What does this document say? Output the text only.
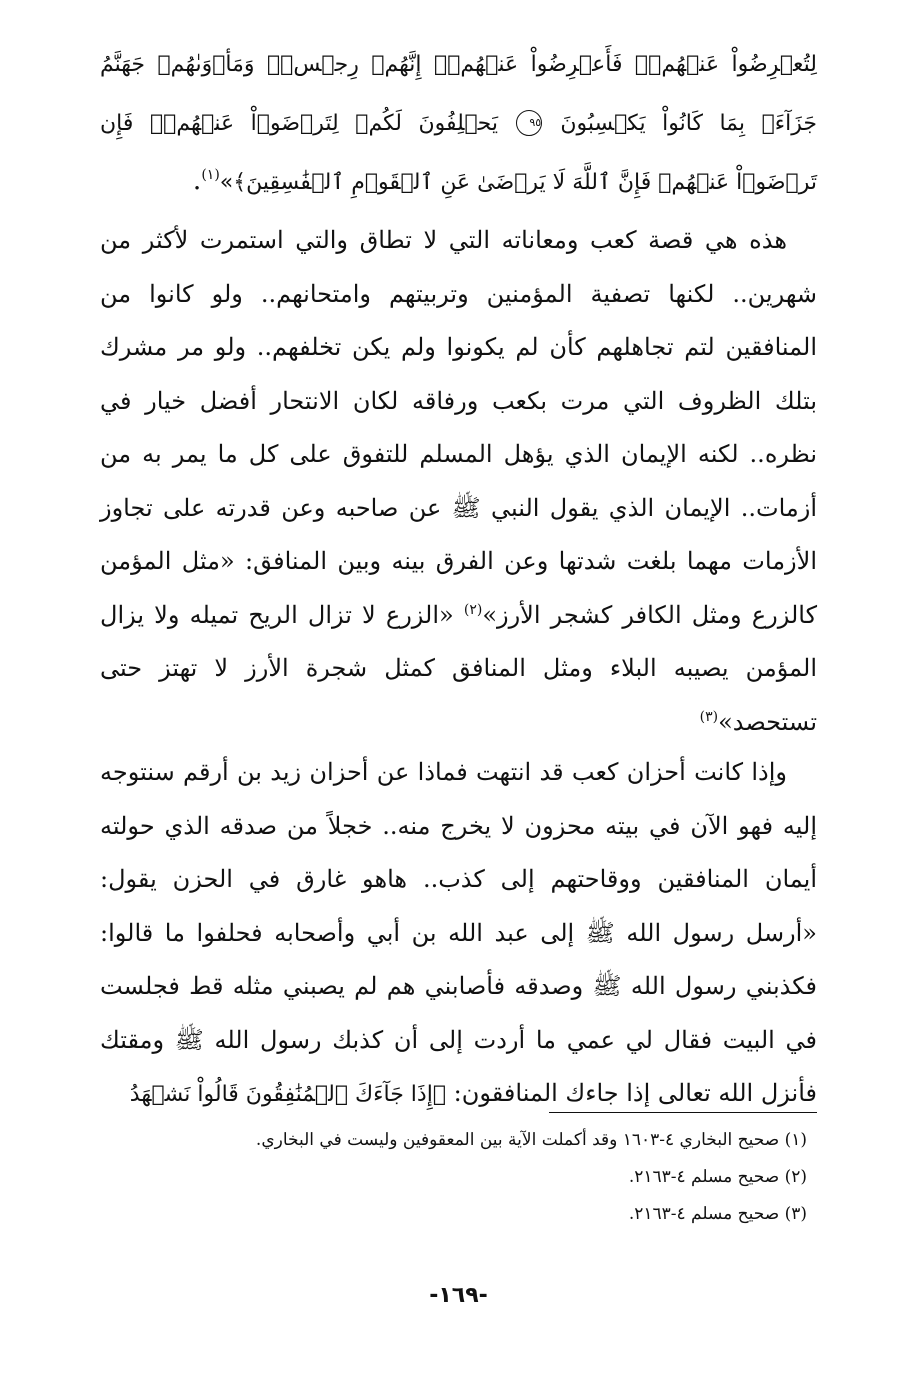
لِتُعۡرِضُواْ عَنۡهُمۡۖ فَأَعۡرِضُواْ عَنۡهُمۡۖ إِنَّهُمۡ رِجۡسٞۖ وَمَأۡوَىٰهُمۡ جَهَنَّمُ جَزَآءَۢ بِمَا كَانُواْ يَكۡسِبُونَ ٩٥ يَحۡلِفُونَ لَكُمۡ لِتَرۡضَوۡاْ عَنۡهُمۡۖ فَإِن تَرۡضَوۡاْ عَنۡهُمۡ فَإِنَّ ٱللَّهَ لَا يَرۡضَىٰ عَنِ ٱلۡقَوۡمِ ٱلۡفَٰسِقِينَ﴾»$^{(١)}$.
هذه هي قصة كعب ومعاناته التي لا تطاق والتي استمرت لأكثر من شهرين.. لكنها تصفية المؤمنين وتربيتهم وامتحانهم.. ولو كانوا من المنافقين لتم تجاهلهم كأن لم يكونوا ولم يكن تخلفهم.. ولو مر مشرك بتلك الظروف التي مرت بكعب ورفاقه لكان الانتحار أفضل خيار في نظره.. لكنه الإيمان الذي يؤهل المسلم للتفوق على كل ما يمر به من أزمات.. الإيمان الذي يقول النبي ﷺ عن صاحبه وعن قدرته على تجاوز الأزمات مهما بلغت شدتها وعن الفرق بينه وبين المنافق: «مثل المؤمن كالزرع ومثل الكافر كشجر الأرز»$^{(٢)}$ «الزرع لا تزال الريح تميله ولا يزال المؤمن يصيبه البلاء ومثل المنافق كمثل شجرة الأرز لا تهتز حتى تستحصد»$^{(٣)}$
وإذا كانت أحزان كعب قد انتهت فماذا عن أحزان زيد بن أرقم سنتوجه إليه فهو الآن في بيته محزون لا يخرج منه.. خجلاً من صدقه الذي حولته أيمان المنافقين ووقاحتهم إلى كذب.. هاهو غارق في الحزن يقول: «أرسل رسول الله ﷺ إلى عبد الله بن أبي وأصحابه فحلفوا ما قالوا: فكذبني رسول الله ﷺ وصدقه فأصابني هم لم يصبني مثله قط فجلست في البيت فقال لي عمي ما أردت إلى أن كذبك رسول الله ﷺ ومقتك فأنزل الله تعالى إذا جاءك المنافقون: ﴿إِذَا جَآءَكَ ٱلۡمُنَٰفِقُونَ قَالُواْ نَشۡهَدُ
(١) صحيح البخاري ٤-١٦٠٣ وقد أكملت الآية بين المعقوفين وليست في البخاري.
(٢) صحيح مسلم ٤-٢١٦٣.
(٣) صحيح مسلم ٤-٢١٦٣.
-١٦٩-
